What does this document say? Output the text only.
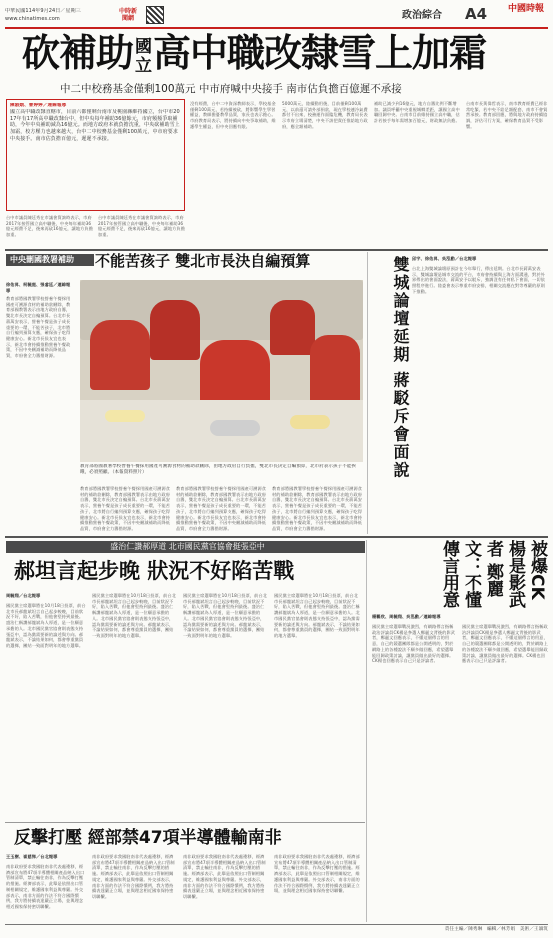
中華民國114年9月24日／星期三
www.chinatimes.com
中時新聞網	政治綜合	A4	中國時報
砍補助 國
立高中職改隸雪上加霜
中二中校務基金僅剩100萬元 中市府喊中央接手 南市估負擔百億遲不承接
陳淑娥、曹婷婷／連線報導
國立高中職改隸直轄市，目前六都僅剩台南市及桃園縣維持國立，台中市2017年有17所高中職改隸台中，但中央每年補助36億餘元，市府頻頻爭取補助，今年中央補助減為16億元。而地方政府本就負擔沈重，中央砍補助雪上加霜，校方壓力也越來越大，台中二中校務基金僅剩100萬元，中市府要求中央接手。南市估負擔百億元，遲遲不承接。
台中市議員陳廷秀在市議會質詢時表示，市府2017年接管國立高中職後，中央每年補助36億元經費不足，後來再砍16億元，讓地方負擔加重。
台中市議員陳廷秀在市議會質詢時表示，市府2017年接管國立高中職後，中央每年補助36億元經費不足，後來再砍16億元，讓地方負擔加重。
沒有經費，台中二中資深教師表示，學校基金僅剩100萬元，若持續被砍，將影響學生學習權益，教師擔憂教學品質，家長也表示擔心。市府教育局表示，將持續向中央爭取補助，維護學生權益，但中央回應有限。
5000萬元，陸續動用後，目前僅剩100萬元，以前還可請外部捐款，現在學校連冷氣費都付不出來，校務運作面臨危機，教育局長表示市府立場清楚，中央不該把責任推給地方政府，應全額補助。
補助已減少到16億元，地方自籌比例不斷增加。議員呼籲中央重視城鄉差距，讓國立高中職回歸中央。台南市目前維持國立高中職，估計若接手每年需增加百億元，財政無法負擔。
台南市長黃偉哲表示，南市教育經費已經非常吃緊，若中央不給足額配套，南市不會貿然承接。教育部回應，將與地方政府持續協調，評估可行方案，確保教育品質不受影響。
中央刪國教署補助	不能苦孩子 雙北市長決自編預算
徐佑昇、柯毓庭、張睿廷／連線報導
教育部將國教署學校營養午餐採用國產可溯源食材的補助款刪除，教育部國教署表示由地方政府自籌，雙北市長決定自編預算。台北市長蔣萬安表示，營養午餐是孩子成長重要的一環，不能苦孩子，北市將自行編列預算支應，確保孩子吃得健康安心。新北市長侯友宜也表示，新北市會持續推動營養午餐政策，不因中央刪減補助而降低品質，市府會全力籌措財源。
教育部將國教署學校營養午餐採用國產可溯源食材的補助款刪除，由地方政府自行負擔，雙北市長決定自編預算，北市府表示孩子不能挨餓，必須照顧。（本報資料照片）
教育部將國教署學校營養午餐採用國產可溯源食材的補助款刪除，教育部國教署表示由地方政府自籌，雙北市長決定自編預算。台北市長蔣萬安表示，營養午餐是孩子成長重要的一環，不能苦孩子，北市將自行編列預算支應，確保孩子吃得健康安心。新北市長侯友宜也表示，新北市會持續推動營養午餐政策，不因中央刪減補助而降低品質，市府會全力籌措財源。
教育部將國教署學校營養午餐採用國產可溯源食材的補助款刪除，教育部國教署表示由地方政府自籌，雙北市長決定自編預算。台北市長蔣萬安表示，營養午餐是孩子成長重要的一環，不能苦孩子，北市將自行編列預算支應，確保孩子吃得健康安心。新北市長侯友宜也表示，新北市會持續推動營養午餐政策，不因中央刪減補助而降低品質，市府會全力籌措財源。
教育部將國教署學校營養午餐採用國產可溯源食材的補助款刪除，教育部國教署表示由地方政府自籌，雙北市長決定自編預算。台北市長蔣萬安表示，營養午餐是孩子成長重要的一環，不能苦孩子，北市將自行編列預算支應，確保孩子吃得健康安心。新北市長侯友宜也表示，新北市會持續推動營養午餐政策，不因中央刪減補助而降低品質，市府會全力籌措財源。
雙城論壇延期 蔣駁斥會面說 邱宇、徐佑昇、吳泓勳／台北報導
台北上海雙城論壇原預計在今年舉行，傳出延期。台北市長蔣萬安表示，雙城論壇是城市交流的平台，市府會持續與上海方面溝通，對於外界傳出的會面說法，蔣萬安予以駁斥，強調沒有任何私下會面，一切依照程序進行。陸委會表示尊重市府安排，相關交流應在對等尊嚴的原則下推動。
盛治仁讚郝厚道 北市國民黨官協會挺張亞中
郝坦言起步晚 狀況不好陷苦戰
周毓翔／台北報導
國民黨主席選舉將在10月18日投票，前台北市長郝龍斌坦言自己起步較晚，目前狀況不好，陷入苦戰，但他會堅持到最後。盛治仁稱讚郝龍斌為人厚道，是一位願意承擔的人。北市國民黨官協會則表態支持張亞中，認為黨需要新的論述與方向。郝龍斌表示，不論結果如何，都會尊重黨員的選擇，團結一致面對明年的地方選舉。
國民黨主席選舉將在10月18日投票，前台北市長郝龍斌坦言自己起步較晚，目前狀況不好，陷入苦戰，但他會堅持到最後。盛治仁稱讚郝龍斌為人厚道，是一位願意承擔的人。北市國民黨官協會則表態支持張亞中，認為黨需要新的論述與方向。郝龍斌表示，不論結果如何，都會尊重黨員的選擇，團結一致面對明年的地方選舉。
國民黨主席選舉將在10月18日投票，前台北市長郝龍斌坦言自己起步較晚，目前狀況不好，陷入苦戰，但他會堅持到最後。盛治仁稱讚郝龍斌為人厚道，是一位願意承擔的人。北市國民黨官協會則表態支持張亞中，認為黨需要新的論述與方向。郝龍斌表示，不論結果如何，都會尊重黨員的選擇，團結一致面對明年的地方選舉。
國民黨主席選舉將在10月18日投票，前台北市長郝龍斌坦言自己起步較晚，目前狀況不好，陷入苦戰，但他會堅持到最後。盛治仁稱讚郝龍斌為人厚道，是一位願意承擔的人。北市國民黨官協會則表態支持張亞中，認為黨需要新的論述與方向。郝龍斌表示，不論結果如何，都會尊重黨員的選擇，團結一致面對明年的地方選舉。
被爆CK楊是影武者 鄭麗文：不懂傳言用意
楊藝欣、周毓翔、吳泓勳／連線報導
國民黨主席選舉戰況激烈，有網路傳言指稱政治評論員CK楊是參選人鄭麗文背後的影武者，鄭麗文回應表示，不懂這個傳言的用意，自己的競選團隊都是公開透明的，對於網路上的各種說法不願多做回應，希望選舉能回歸政策討論，讓黨員做出最好的選擇。CK楊也回應表示自己只是評論者。
國民黨主席選舉戰況激烈，有網路傳言指稱政治評論員CK楊是參選人鄭麗文背後的影武者，鄭麗文回應表示，不懂這個傳言的用意，自己的競選團隊都是公開透明的，對於網路上的各種說法不願多做回應，希望選舉能回歸政策討論，讓黨員做出最好的選擇。CK楊也回應表示自己只是評論者。
反擊打壓 經部禁47項半導體輸南非
王玉樹、崔慈悌／台北報導
南非政府要求我國駐南非代表處遷移，經濟部宣布將47項半導體相關產品納入出口管制清單，禁止輸往南非，作為反擊打壓的措施。經濟部表示，此舉是依照出口管制相關規定，維護國家利益與尊嚴。外交部表示，南非方面的作法不符合國際慣例，我方將持續表達嚴正立場，並與理念相近國家保持密切聯繫。
南非政府要求我國駐南非代表處遷移，經濟部宣布將47項半導體相關產品納入出口管制清單，禁止輸往南非，作為反擊打壓的措施。經濟部表示，此舉是依照出口管制相關規定，維護國家利益與尊嚴。外交部表示，南非方面的作法不符合國際慣例，我方將持續表達嚴正立場，並與理念相近國家保持密切聯繫。
南非政府要求我國駐南非代表處遷移，經濟部宣布將47項半導體相關產品納入出口管制清單，禁止輸往南非，作為反擊打壓的措施。經濟部表示，此舉是依照出口管制相關規定，維護國家利益與尊嚴。外交部表示，南非方面的作法不符合國際慣例，我方將持續表達嚴正立場，並與理念相近國家保持密切聯繫。
南非政府要求我國駐南非代表處遷移，經濟部宣布將47項半導體相關產品納入出口管制清單，禁止輸往南非，作為反擊打壓的措施。經濟部表示，此舉是依照出口管制相關規定，維護國家利益與尊嚴。外交部表示，南非方面的作法不符合國際慣例，我方將持續表達嚴正立場，並與理念相近國家保持密切聯繫。
責任主編／陳秀琳　編輯／林芳娟　美術／王韻筑
